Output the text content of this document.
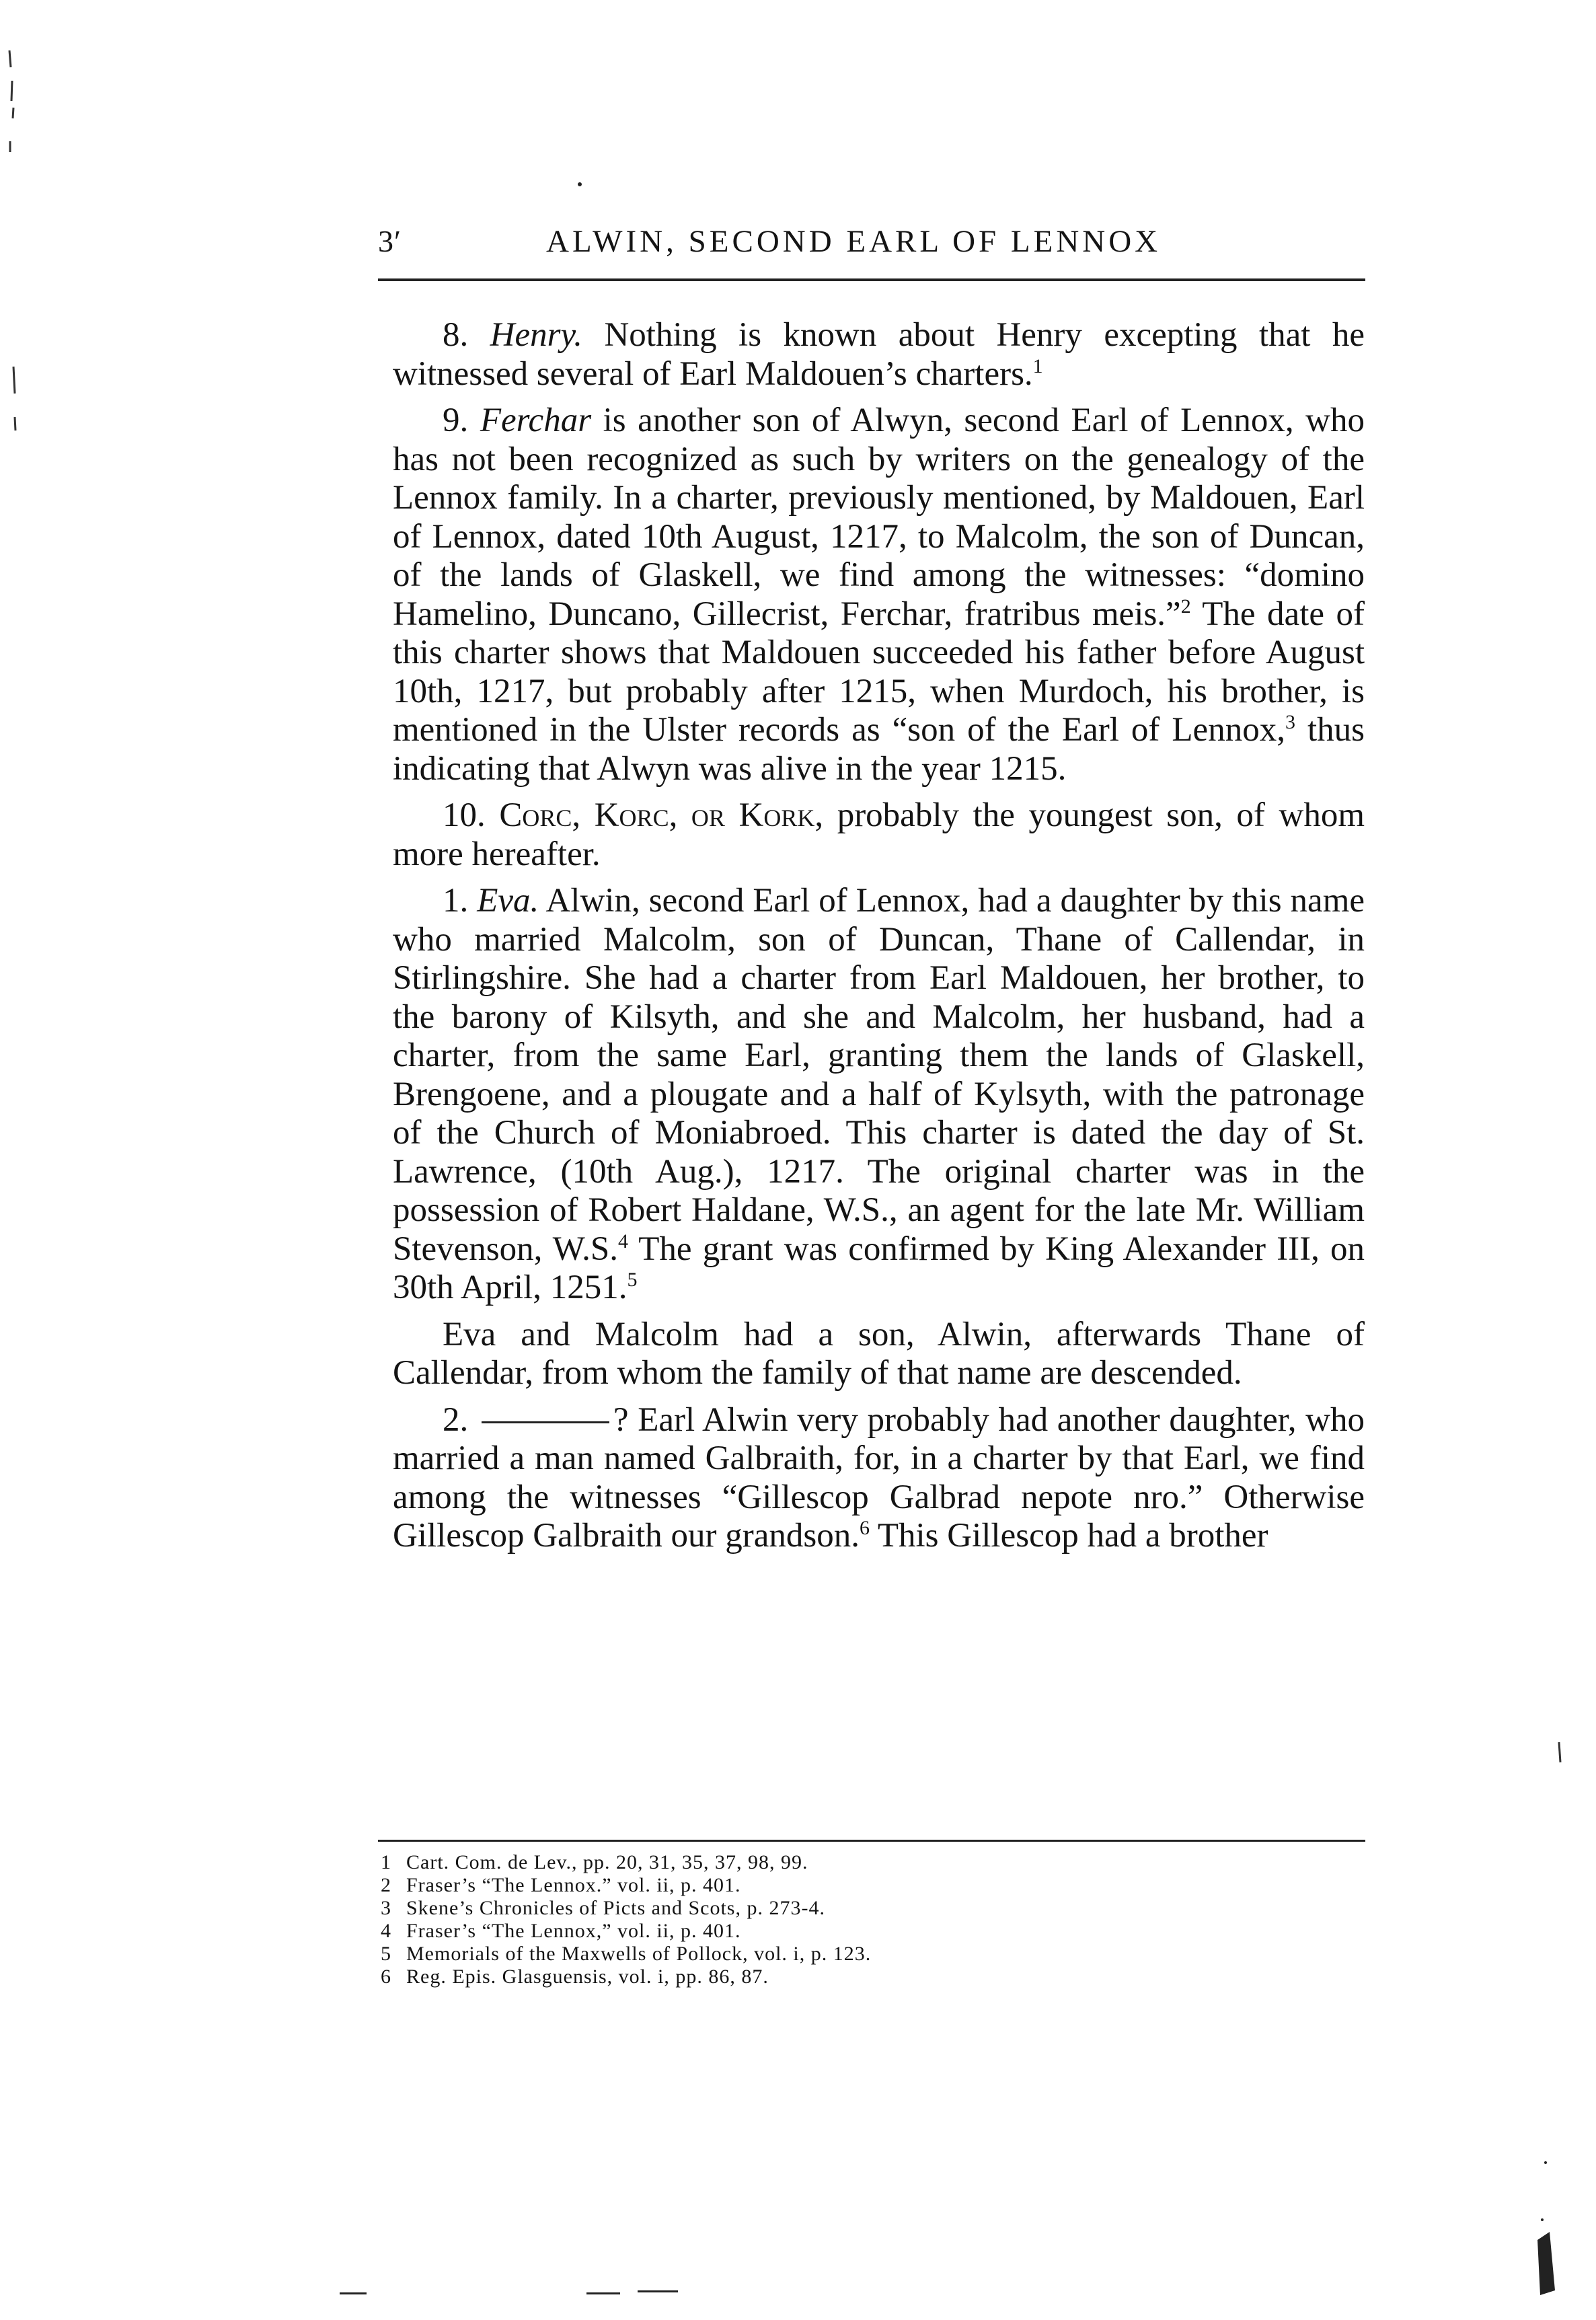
3′	ALWIN, SECOND EARL OF LENNOX

8. Henry. Nothing is known about Henry excepting that he witnessed several of Earl Maldouen’s charters.$^1$

9. Ferchar is another son of Alwyn, second Earl of Lennox, who has not been recognized as such by writers on the genealogy of the Lennox family. In a charter, previously mentioned, by Maldouen, Earl of Lennox, dated 10th August, 1217, to Malcolm, the son of Duncan, of the lands of Glaskell, we find among the witnesses: “domino Hamelino, Duncano, Gillecrist, Ferchar, fratribus meis.”$^2$ The date of this charter shows that Maldouen succeeded his father before August 10th, 1217, but probably after 1215, when Murdoch, his brother, is mentioned in the Ulster records as “son of the Earl of Lennox,$^3$ thus indicating that Alwyn was alive in the year 1215.

10. Corc, Korc, or Kork, probably the youngest son, of whom more hereafter.

1. Eva. Alwin, second Earl of Lennox, had a daughter by this name who married Malcolm, son of Duncan, Thane of Callendar, in Stirlingshire. She had a charter from Earl Maldouen, her brother, to the barony of Kilsyth, and she and Malcolm, her husband, had a charter, from the same Earl, granting them the lands of Glaskell, Brengoene, and a plougate and a half of Kylsyth, with the patronage of the Church of Moniabroed. This charter is dated the day of St. Lawrence, (10th Aug.), 1217. The original charter was in the possession of Robert Haldane, W.S., an agent for the late Mr. William Stevenson, W.S.$^4$ The grant was confirmed by King Alexander III, on 30th April, 1251.$^5$

Eva and Malcolm had a son, Alwin, afterwards Thane of Callendar, from whom the family of that name are descended.

2.	? Earl Alwin very probably had another daughter, who married a man named Galbraith, for, in a charter by that Earl, we find among the witnesses “Gillescop Galbrad nepote nro.” Otherwise Gillescop Galbraith our grandson.$^6$ This Gillescop had a brother

1 Cart. Com. de Lev., pp. 20, 31, 35, 37, 98, 99.
2 Fraser’s “The Lennox.” vol. ii, p. 401.
3 Skene’s Chronicles of Picts and Scots, p. 273-4.
4 Fraser’s “The Lennox,” vol. ii, p. 401.
5 Memorials of the Maxwells of Pollock, vol. i, p. 123.
6 Reg. Epis. Glasguensis, vol. i, pp. 86, 87.
